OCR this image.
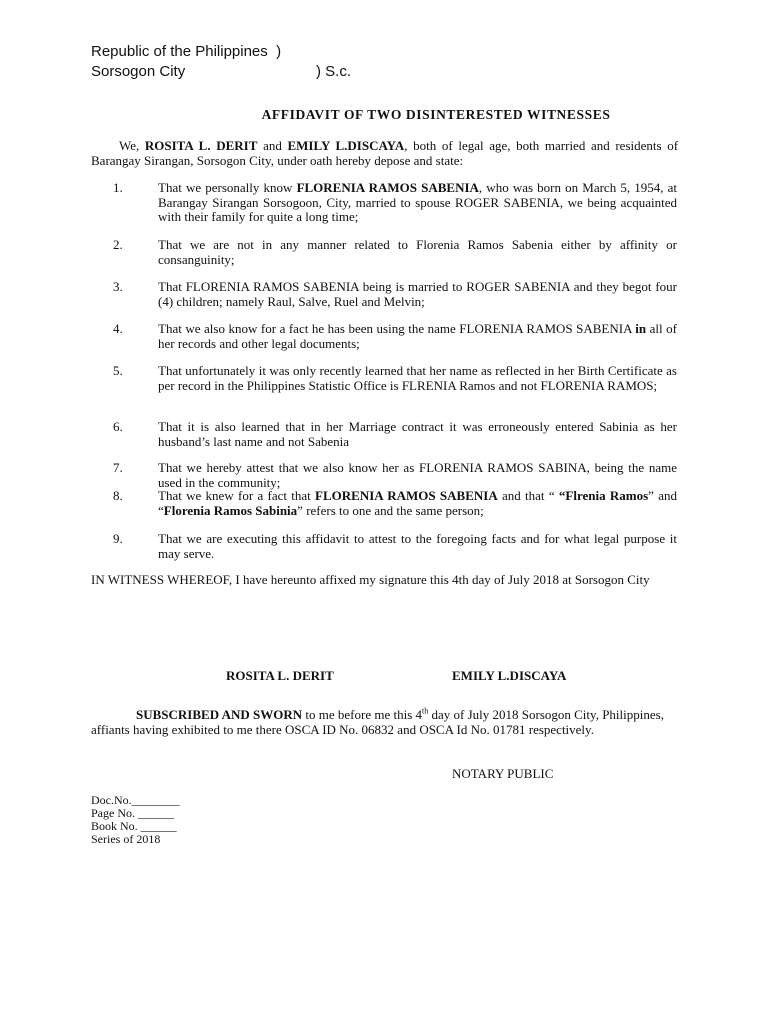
Republic of the Philippines  )
Sorsogon City	) S.c.
AFFIDAVIT OF TWO DISINTERESTED WITNESSES
We, ROSITA L. DERIT and EMILY L.DISCAYA, both of legal age, both married and residents of Barangay Sirangan, Sorsogon City, under oath hereby depose and state:
1.	That we personally know FLORENIA RAMOS SABENIA, who was born on March 5, 1954, at Barangay Sirangan Sorsogoon, City, married to spouse ROGER SABENIA, we being acquainted with their family for quite a long time;
2.	That we are not in any manner related to Florenia Ramos Sabenia either by affinity or consanguinity;
3.	That FLORENIA RAMOS SABENIA being is married to ROGER SABENIA and they begot four (4) children; namely Raul, Salve, Ruel and Melvin;
4.	That we also know for a fact he has been using the name FLORENIA RAMOS SABENIA in all of her records and other legal documents;
5.	That unfortunately it was only recently learned that her name as reflected in her Birth Certificate as per record in the Philippines Statistic Office is FLRENIA Ramos and not FLORENIA RAMOS;
6.	That it is also learned that in her Marriage contract it was erroneously entered Sabinia as her husband’s last name and not Sabenia
7.	That we hereby attest that we also know her as FLORENIA RAMOS SABINA, being the name used in the community;
8.	That we knew for a fact that FLORENIA RAMOS SABENIA and that “ “Flrenia Ramos” and “Florenia Ramos Sabinia” refers to one and the same person;
9.	That we are executing this affidavit to attest to the foregoing facts and for what legal purpose it may serve.
IN WITNESS WHEREOF, I have hereunto affixed my signature this 4th day of July 2018 at Sorsogon City
ROSITA L. DERIT	EMILY L.DISCAYA
SUBSCRIBED AND SWORN to me before me this 4th day of July 2018 Sorsogon City, Philippines, affiants having exhibited to me there OSCA ID No. 06832 and OSCA Id No. 01781 respectively.
NOTARY PUBLIC
Doc.No.________
Page No. ______
Book No. ______
Series of 2018
